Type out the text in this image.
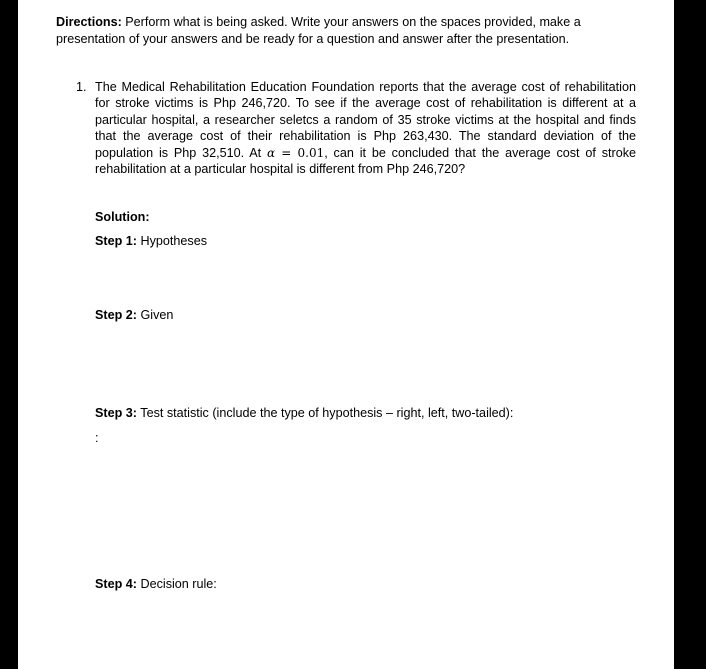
Directions: Perform what is being asked. Write your answers on the spaces provided, make a presentation of your answers and be ready for a question and answer after the presentation.
1. The Medical Rehabilitation Education Foundation reports that the average cost of rehabilitation for stroke victims is Php 246,720. To see if the average cost of rehabilitation is different at a particular hospital, a researcher seletcs a random of 35 stroke victims at the hospital and finds that the average cost of their rehabilitation is Php 263,430. The standard deviation of the population is Php 32,510. At α = 0.01, can it be concluded that the average cost of stroke rehabilitation at a particular hospital is different from Php 246,720?
Solution:
Step 1: Hypotheses
Step 2: Given
Step 3: Test statistic (include the type of hypothesis – right, left, two-tailed):
:
Step 4: Decision rule:
